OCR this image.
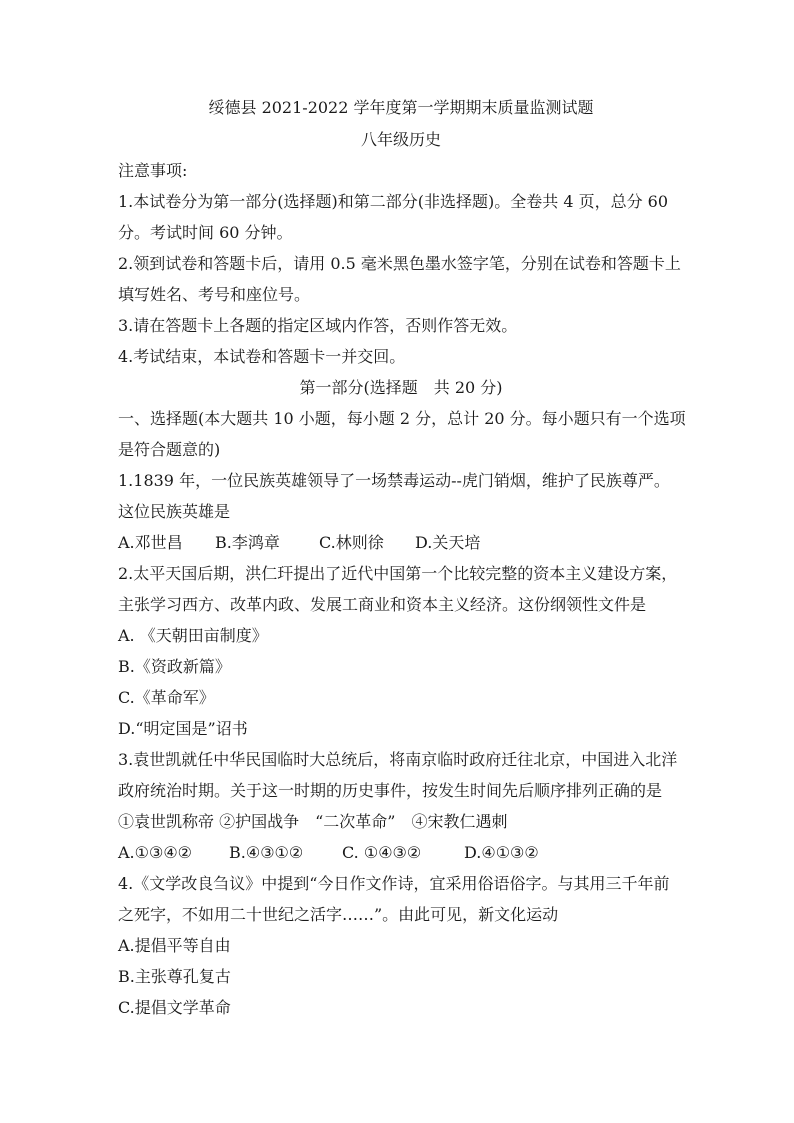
绥德县 2021-2022 学年度第一学期期末质量监测试题
八年级历史
注意事项:
1.本试卷分为第一部分(选择题)和第二部分(非选择题)。全卷共 4 页，总分 60
分。考试时间 60 分钟。
2.领到试卷和答题卡后，请用 0.5 毫米黑色墨水签字笔，分别在试卷和答题卡上
填写姓名、考号和座位号。
3.请在答题卡上各题的指定区域内作答，否则作答无效。
4.考试结束，本试卷和答题卡一并交回。
第一部分(选择题　共 20 分)
一、选择题(本大题共 10 小题，每小题 2 分，总计 20 分。每小题只有一个选项
是符合题意的)
1.1839 年，一位民族英雄领导了一场禁毒运动--虎门销烟，维护了民族尊严。
这位民族英雄是
A.邓世昌	B.李鸿章	C.林则徐	D.关天培
2.太平天国后期，洪仁玕提出了近代中国第一个比较完整的资本主义建设方案，
主张学习西方、改革内政、发展工商业和资本主义经济。这份纲领性文件是
A. 《天朝田亩制度》
B.《资政新篇》
C.《革命军》
D.“明定国是”诏书
3.袁世凯就任中华民国临时大总统后，将南京临时政府迁往北京，中国进入北洋
政府统治时期。关于这一时期的历史事件，按发生时间先后顺序排列正确的是
①袁世凯称帝 ②护国战争　“二次革命”　④宋教仁遇刺
A.①③④②	B.④③①②	C. ①④③②	D.④①③②
4.《文学改良刍议》中提到“今日作文作诗，宜采用俗语俗字。与其用三千年前
之死字，不如用二十世纪之活字……”。由此可见，新文化运动
A.提倡平等自由
B.主张尊孔复古
C.提倡文学革命
